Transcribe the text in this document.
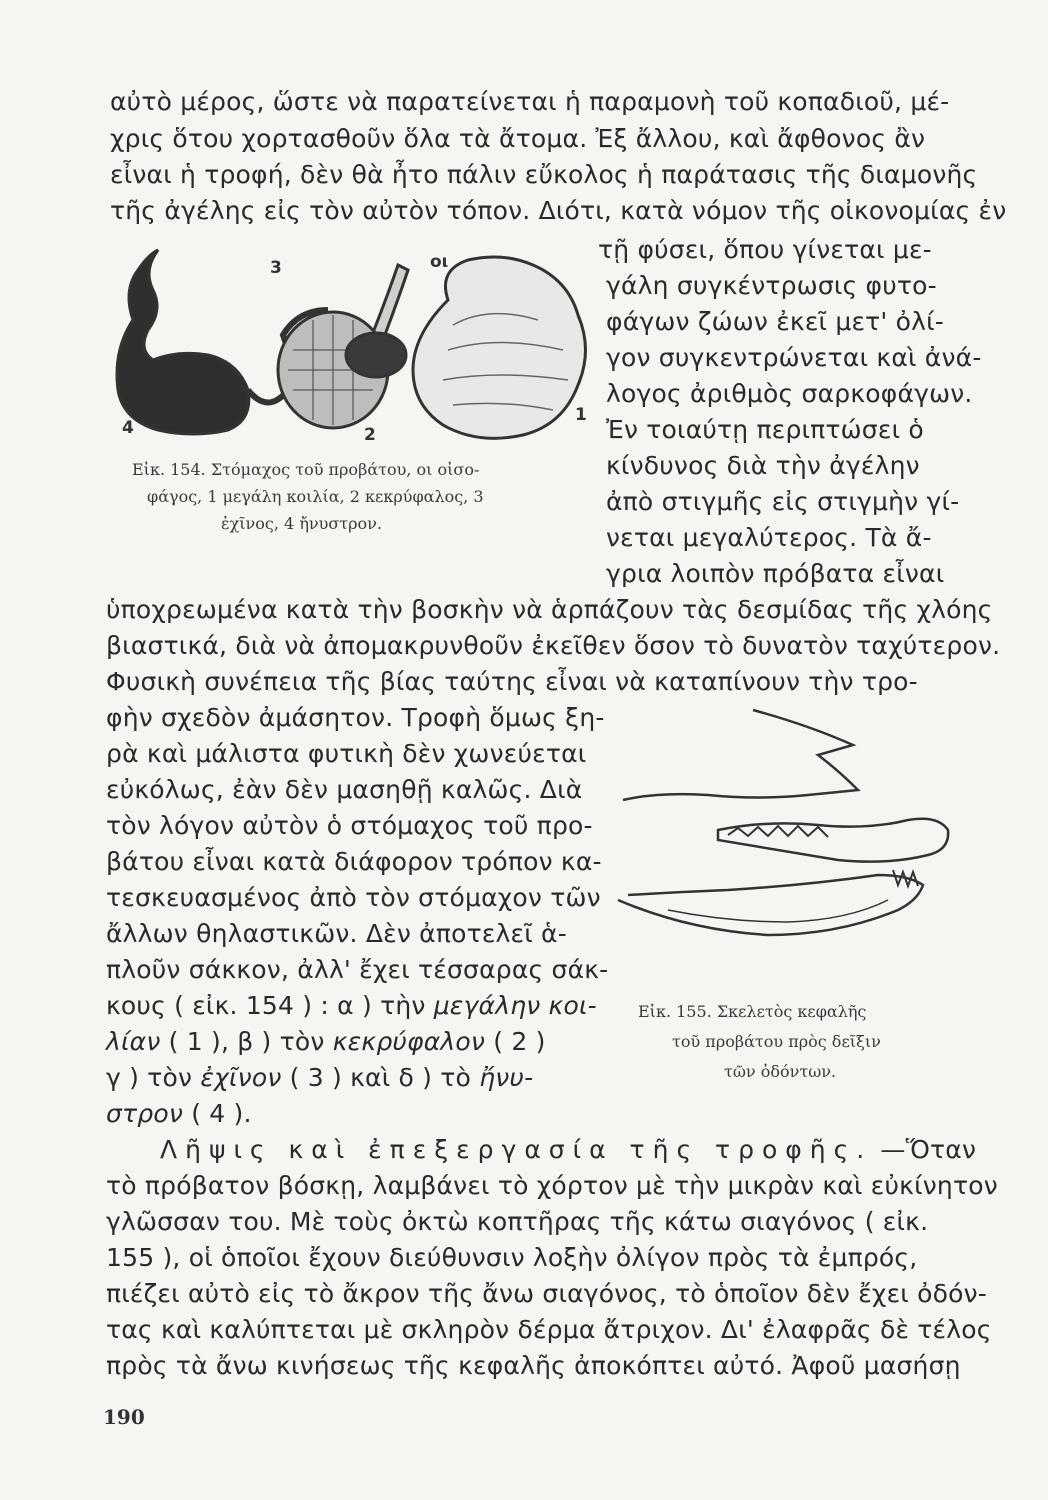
αὐτὸ μέρος, ὥστε νὰ παρατείνεται ἡ παραμονὴ τοῦ κοπαδιοῦ, μέ-
χρις ὅτου χορτασθοῦν ὅλα τὰ ἄτομα. Ἐξ ἄλλου, καὶ ἄφθονος ἂν
εἶναι ἡ τροφή, δὲν θὰ ἦτο πάλιν εὔκολος ἡ παράτασις τῆς διαμονῆς
τῆς ἀγέλης εἰς τὸν αὐτὸν τόπον. Διότι, κατὰ νόμον τῆς οἰκονομίας ἐν
3	οι
4	2
1
Εἰκ. 154. Στόμαχος τοῦ προβάτου, οι οἰσο-
φάγος, 1 μεγάλη κοιλία, 2 κεκρύφαλος, 3
ἐχῖνος, 4 ἤνυστρον.
τῇ φύσει, ὅπου γίνεται με-
γάλη συγκέντρωσις φυτο-
φάγων ζώων ἐκεῖ μετ' ὀλί-
γον συγκεντρώνεται καὶ ἀνά-
λογος ἀριθμὸς σαρκοφάγων.
Ἐν τοιαύτῃ περιπτώσει ὁ
κίνδυνος διὰ τὴν ἀγέλην
ἀπὸ στιγμῆς εἰς στιγμὴν γί-
νεται μεγαλύτερος. Τὰ ἄ-
γρια λοιπὸν πρόβατα εἶναι
ὑποχρεωμένα κατὰ τὴν βοσκὴν νὰ ἁρπάζουν τὰς δεσμίδας τῆς χλόης
βιαστικά, διὰ νὰ ἀπομακρυνθοῦν ἐκεῖθεν ὅσον τὸ δυνατὸν ταχύτερον.
Φυσικὴ συνέπεια τῆς βίας ταύτης εἶναι νὰ καταπίνουν τὴν τρο-
φὴν σχεδὸν ἀμάσητον. Τροφὴ ὅμως ξη-
ρὰ καὶ μάλιστα φυτικὴ δὲν χωνεύεται
εὐκόλως, ἐὰν δὲν μασηθῇ καλῶς. Διὰ
τὸν λόγον αὐτὸν ὁ στόμαχος τοῦ προ-
βάτου εἶναι κατὰ διάφορον τρόπον κα-
τεσκευασμένος ἀπὸ τὸν στόμαχον τῶν
ἄλλων θηλαστικῶν. Δὲν ἀποτελεῖ ἁ-
πλοῦν σάκκον, ἀλλ' ἔχει τέσσαρας σάκ-
κους ( εἰκ. 154 ) : α ) τὴν μεγάλην κοι-
λίαν ( 1 ), β ) τὸν κεκρύφαλον ( 2 )
γ ) τὸν ἐχῖνον ( 3 ) καὶ δ ) τὸ ἤνυ-
στρον ( 4 ).
Εἰκ. 155. Σκελετὸς κεφαλῆς
τοῦ προβάτου πρὸς δεῖξιν
τῶν ὀδόντων.
Λῆψις καὶ ἐπεξεργασία τῆς τροφῆς. —Ὅταν
τὸ πρόβατον βόσκῃ, λαμβάνει τὸ χόρτον μὲ τὴν μικρὰν καὶ εὐκίνητον
γλῶσσαν του. Μὲ τοὺς ὀκτὼ κοπτῆρας τῆς κάτω σιαγόνος ( εἰκ.
155 ), οἱ ὁποῖοι ἔχουν διεύθυνσιν λοξὴν ὀλίγον πρὸς τὰ ἐμπρός,
πιέζει αὐτὸ εἰς τὸ ἄκρον τῆς ἄνω σιαγόνος, τὸ ὁποῖον δὲν ἔχει ὀδόν-
τας καὶ καλύπτεται μὲ σκληρὸν δέρμα ἄτριχον. Δι' ἐλαφρᾶς δὲ τέλος
πρὸς τὰ ἄνω κινήσεως τῆς κεφαλῆς ἀποκόπτει αὐτό. Ἀφοῦ μασήσῃ
190
